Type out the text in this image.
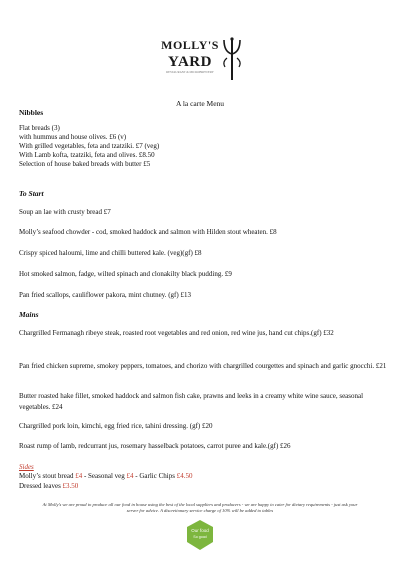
MOLLY'S
YARD
RESTAURANT & MICROBREWERY
A la carte Menu
Nibbles
Flat breads (3)
with hummus and house olives. £6 (v)
With grilled vegetables, feta and tzatziki. £7 (veg)
With Lamb kofta, tzatziki, feta and olives. £8.50
Selection of house baked breads with butter £5
To Start
Soup an lae with crusty bread £7
Molly’s seafood chowder - cod, smoked haddock and salmon with Hilden stout wheaten. £8
Crispy spiced haloumi, lime and chilli buttered kale. (veg)(gf) £8
Hot smoked salmon, fadge, wilted spinach and clonakilty black pudding. £9
Pan fried scallops, cauliflower pakora, mint chutney. (gf) £13
Mains
Chargrilled Fermanagh ribeye steak, roasted root vegetables and red onion, red wine jus, hand cut chips.(gf) £32
Pan fried chicken supreme, smokey peppers, tomatoes, and chorizo with chargrilled courgettes and spinach and garlic gnocchi. £21
Butter roasted hake fillet, smoked haddock and salmon fish cake, prawns and leeks in a creamy white wine sauce, seasonal vegetables. £24
Chargrilled pork loin, kimchi, egg fried rice, tahini dressing. (gf) £20
Roast rump of lamb, redcurrant jus, rosemary hasselback potatoes, carrot puree and kale.(gf) £26
Sides
Molly’s stout bread £4 - Seasonal veg £4 - Garlic Chips £4.50
Dressed leaves £3.50
At Molly’s we are proud to produce all our food in house using the best of the local suppliers and producers - we are happy to cater for dietary requirements - just ask your server for advice. A discretionary service charge of 10% will be added to tables
Our food
So good
